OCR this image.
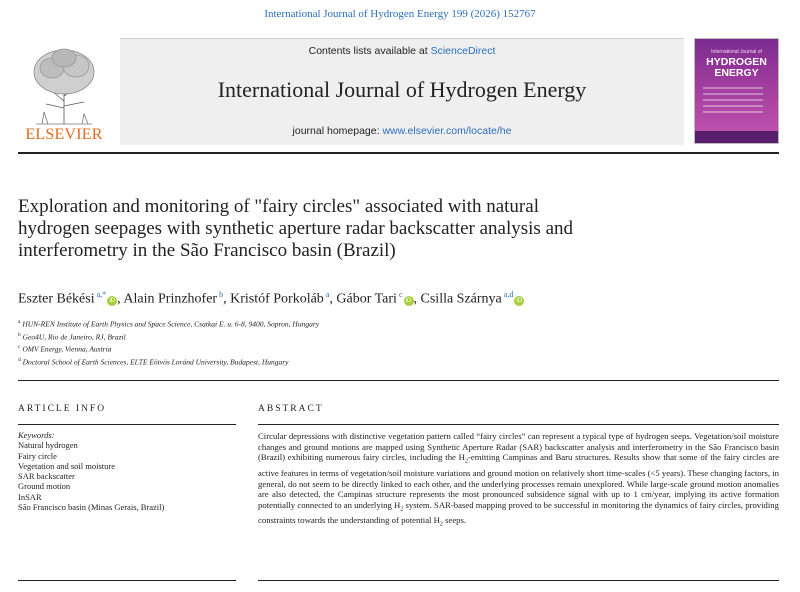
International Journal of Hydrogen Energy 199 (2026) 152767
ELSEVIER
Contents lists available at ScienceDirect
International Journal of Hydrogen Energy
journal homepage: www.elsevier.com/locate/he
International Journal of
HYDROGEN
ENERGY
Exploration and monitoring of "fairy circles" associated with natural
hydrogen seepages with synthetic aperture radar backscatter analysis and
interferometry in the São Francisco basin (Brazil)
Eszter Békési $^{a,*}$iD , Alain Prinzhofer $^b$, Kristóf Porkoláb $^a$, Gábor Tari $^c$iD , Csilla Szárnya $^{a,d}$iD
$^a$ HUN-REN Institute of Earth Physics and Space Science, Csatkai E. u. 6-8, 9400, Sopron, Hungary
$^b$ Geo4U, Rio de Janeiro, RJ, Brazil
$^c$ OMV Energy, Vienna, Austria
$^d$ Doctoral School of Earth Sciences, ELTE Eötvös Loránd University, Budapest, Hungary
ARTICLE INFO	ABSTRACT
Keywords:
Natural hydrogen
Fairy circle
Vegetation and soil moisture
SAR backscatter
Ground motion
InSAR
São Francisco basin (Minas Gerais, Brazil)
Circular depressions with distinctive vegetation pattern called “fairy circles” can represent a typical type of hydrogen seeps. Vegetation/soil moisture changes and ground motions are mapped using Synthetic Aperture Radar (SAR) backscatter analysis and interferometry in the São Francisco basin (Brazil) exhibiting numerous fairy circles, including the $H_2$-emitting Campinas and Baru structures. Results show that some of the fairy circles are active features in terms of vegetation/soil moisture variations and ground motion on relatively short time-scales (<5 years). These changing factors, in general, do not seem to be directly linked to each other, and the underlying processes remain unexplored. While large-scale ground motion anomalies are also detected, the Campinas structure represents the most pronounced subsidence signal with up to 1 cm/year, implying its active formation potentially connected to an underlying $H_2$ system. SAR-based mapping proved to be successful in monitoring the dynamics of fairy circles, providing constraints towards the understanding of potential $H_2$ seeps.
